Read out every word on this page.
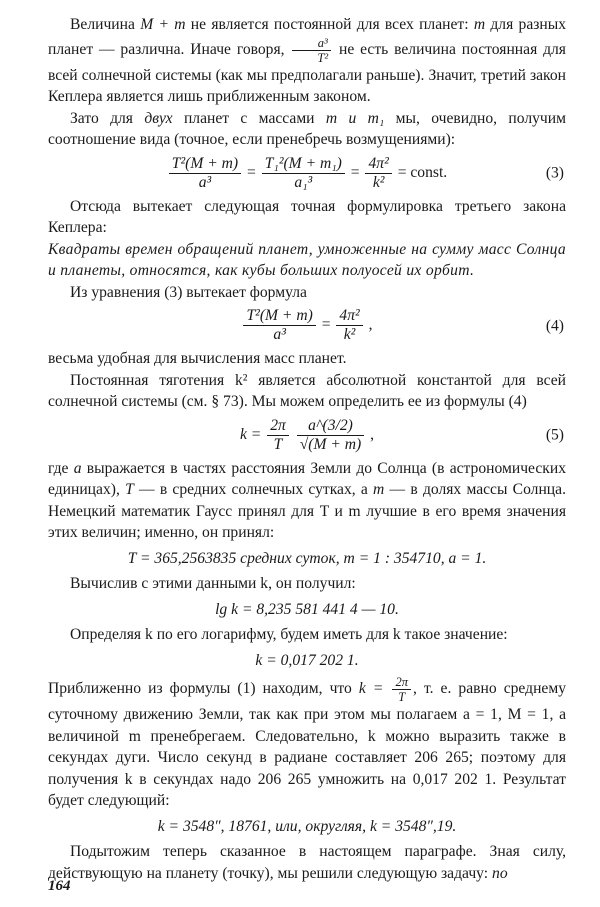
Величина M + m не является постоянной для всех планет: m для разных планет — различна. Иначе говоря, $\frac{\text{a³}}{\text{T²}}$ не есть величина постоянная для всей солнечной системы (как мы предполагали раньше). Значит, третий закон Кеплера является лишь приближенным законом.

Зато для двух планет с массами m и m₁ мы, очевидно, получим соотношение вида (точное, если пренебречь возмущениями):

$\frac{\text{T²(M + m)}}{\text{a³}} = \frac{\text{T₁²(M + m₁)}}{\text{a₁³}} = \frac{\text{4π²}}{\text{k²}}$ = const.	(3)

Отсюда вытекает следующая точная формулировка третьего закона Кеплера:

Квадраты времен обращений планет, умноженные на сумму масс Солнца и планеты, относятся, как кубы больших полуосей их орбит.

Из уравнения (3) вытекает формула

$\frac{\text{T²(M + m)}}{\text{a³}} = \frac{\text{4π²}}{\text{k²}}$ ,	(4)

весьма удобная для вычисления масс планет.

Постоянная тяготения k² является абсолютной константой для всей солнечной системы (см. § 73). Мы можем определить ее из формулы (4)

$k = \frac{2\pi}{T}$
$\frac{a\^{}(3/2)}{√(M + m)}$ ,	(5)

где a выражается в частях расстояния Земли до Солнца (в астрономических единицах), T — в средних солнечных сутках, а m — в долях массы Солнца. Немецкий математик Гаусс принял для T и m лучшие в его время значения этих величин; именно, он принял:

T = 365,2563835 средних суток, m = 1 : 354710, a = 1.

Вычислив с этими данными k, он получил:

lg k = 8,235 581 441 4 — 10.

Определяя k по его логарифму, будем иметь для k такое значение:

k = 0,017 202 1.

Приближенно из формулы (1) находим, что $k = \frac{2\pi}{T}$ , т. е. равно среднему суточному движению Земли, так как при этом мы полагаем a = 1, M = 1, а величиной m пренебрегаем. Следовательно, k можно выразить также в секундах дуги. Число секунд в радиане составляет 206 265; поэтому для получения k в секундах надо 206 265 умножить на 0,017 202 1. Результат будет следующий:

k = 3548″, 18761, или, округляя, k = 3548″,19.

Подытожим теперь сказанное в настоящем параграфе. Зная силу, действующую на планету (точку), мы решили следующую задачу: по

164
